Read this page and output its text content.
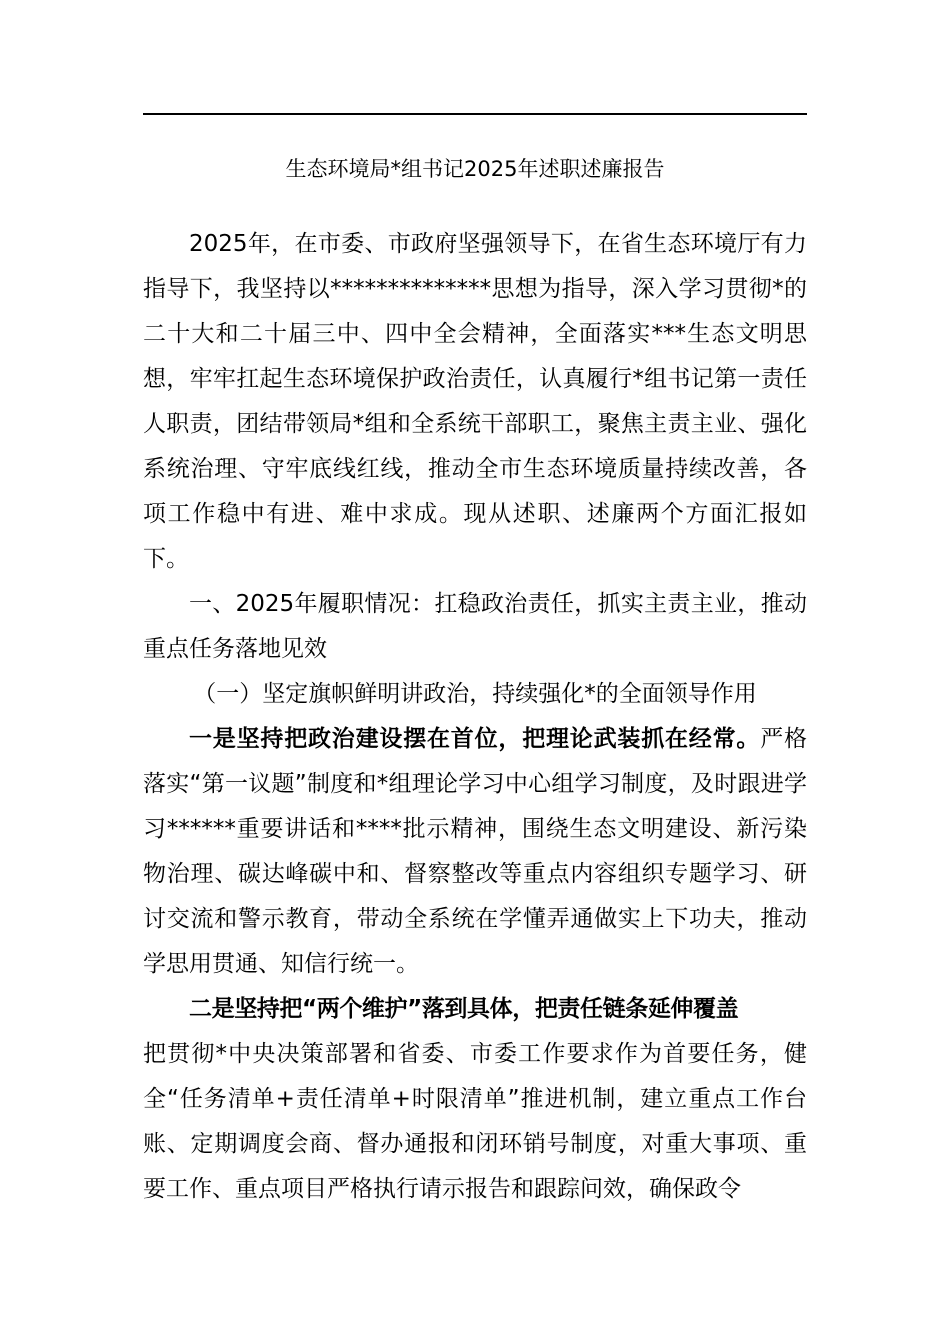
生态环境局*组书记2025年述职述廉报告

2025年，在市委、市政府坚强领导下，在省生态环境厅有力指导下，我坚持以**************思想为指导，深入学习贯彻*的二十大和二十届三中、四中全会精神，全面落实***生态文明思想，牢牢扛起生态环境保护政治责任，认真履行*组书记第一责任人职责，团结带领局*组和全系统干部职工，聚焦主责主业、强化系统治理、守牢底线红线，推动全市生态环境质量持续改善，各项工作稳中有进、难中求成。现从述职、述廉两个方面汇报如下。

一、2025年履职情况：扛稳政治责任，抓实主责主业，推动重点任务落地见效

（一）坚定旗帜鲜明讲政治，持续强化*的全面领导作用

一是坚持把政治建设摆在首位，把理论武装抓在经常。严格落实“第一议题”制度和*组理论学习中心组学习制度，及时跟进学习******重要讲话和****批示精神，围绕生态文明建设、新污染物治理、碳达峰碳中和、督察整改等重点内容组织专题学习、研讨交流和警示教育，带动全系统在学懂弄通做实上下功夫，推动学思用贯通、知信行统一。

二是坚持把“两个维护”落到具体，把责任链条延伸覆盖

把贯彻*中央决策部署和省委、市委工作要求作为首要任务，健全“任务清单+责任清单+时限清单”推进机制，建立重点工作台账、定期调度会商、督办通报和闭环销号制度，对重大事项、重要工作、重点项目严格执行请示报告和跟踪问效，确保政令
